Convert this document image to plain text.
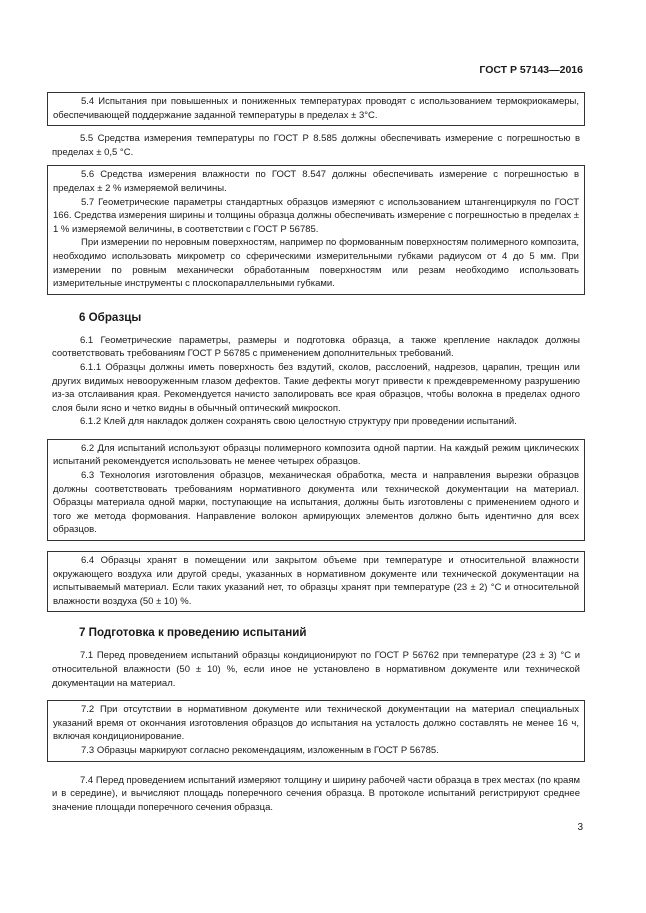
ГОСТ Р 57143—2016

5.4 Испытания при повышенных и пониженных температурах проводят с использованием термокриокамеры, обеспечивающей поддержание заданной температуры в пределах ± 3°С.

5.5 Средства измерения температуры по ГОСТ Р 8.585 должны обеспечивать измерение с погрешностью в пределах ± 0,5 °С.

5.6 Средства измерения влажности по ГОСТ 8.547 должны обеспечивать измерение с погрешностью в пределах ± 2 % измеряемой величины.

5.7 Геометрические параметры стандартных образцов измеряют с использованием штангенциркуля по ГОСТ 166. Средства измерения ширины и толщины образца должны обеспечивать измерение с погрешностью в пределах ± 1 % измеряемой величины, в соответствии с ГОСТ Р 56785.

При измерении по неровным поверхностям, например по формованным поверхностям полимерного композита, необходимо использовать микрометр со сферическими измерительными губками радиусом от 4 до 5 мм. При измерении по ровным механически обработанным поверхностям или резам необходимо использовать измерительные инструменты с плоскопараллельными губками.

6 Образцы

6.1 Геометрические параметры, размеры и подготовка образца, а также крепление накладок должны соответствовать требованиям ГОСТ Р 56785 с применением дополнительных требований.

6.1.1 Образцы должны иметь поверхность без вздутий, сколов, расслоений, надрезов, царапин, трещин или других видимых невооруженным глазом дефектов. Такие дефекты могут привести к преждевременному разрушению из-за отслаивания края. Рекомендуется начисто заполировать все края образцов, чтобы волокна в пределах одного слоя были ясно и четко видны в обычный оптический микроскоп.

6.1.2 Клей для накладок должен сохранять свою целостную структуру при проведении испытаний.

6.2 Для испытаний используют образцы полимерного композита одной партии. На каждый режим циклических испытаний рекомендуется использовать не менее четырех образцов.

6.3 Технология изготовления образцов, механическая обработка, места и направления вырезки образцов должны соответствовать требованиям нормативного документа или технической документации на материал. Образцы материала одной марки, поступающие на испытания, должны быть изготовлены с применением одного и того же метода формования. Направление волокон армирующих элементов должно быть идентично для всех образцов.

6.4 Образцы хранят в помещении или закрытом объеме при температуре и относительной влажности окружающего воздуха или другой среды, указанных в нормативном документе или технической документации на испытываемый материал. Если таких указаний нет, то образцы хранят при температуре (23 ± 2) °С и относительной влажности воздуха (50 ± 10) %.

7 Подготовка к проведению испытаний

7.1 Перед проведением испытаний образцы кондиционируют по ГОСТ Р 56762 при температуре (23 ± 3) °С и относительной влажности (50 ± 10) %, если иное не установлено в нормативном документе или технической документации на материал.

7.2 При отсутствии в нормативном документе или технической документации на материал специальных указаний время от окончания изготовления образцов до испытания на усталость должно составлять не менее 16 ч, включая кондиционирование.

7.3 Образцы маркируют согласно рекомендациям, изложенным в ГОСТ Р 56785.

7.4 Перед проведением испытаний измеряют толщину и ширину рабочей части образца в трех местах (по краям и в середине), и вычисляют площадь поперечного сечения образца. В протоколе испытаний регистрируют среднее значение площади поперечного сечения образца.

3
